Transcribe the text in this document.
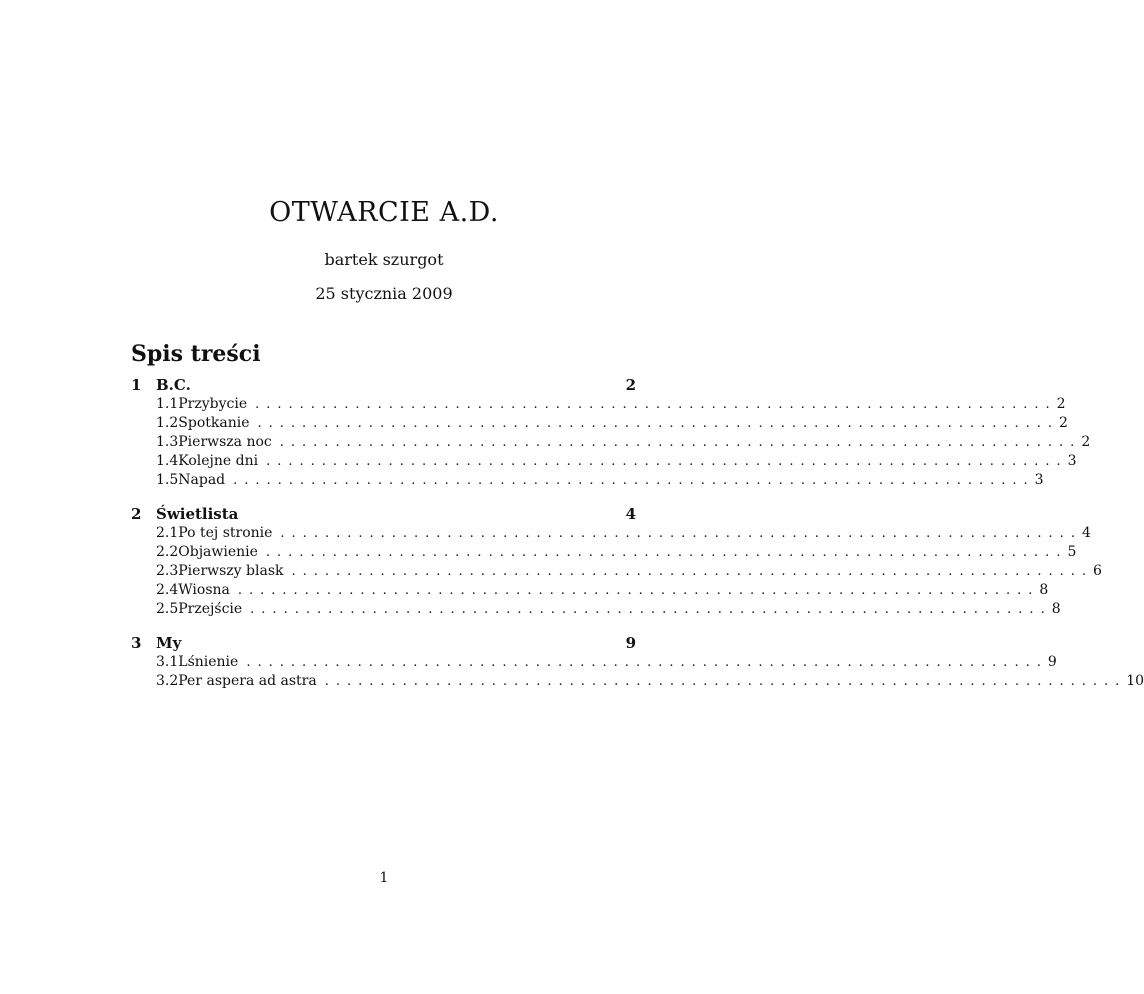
OTWARCIE A.D.
bartek szurgot
25 stycznia 2009
Spis treści
1 B.C.	2
1.1 Przybycie ........................................................................ 2
1.2 Spotkanie ........................................................................ 2
1.3 Pierwsza noc ........................................................................ 2
1.4 Kolejne dni ........................................................................ 3
1.5 Napad ........................................................................ 3
2 Świetlista	4
2.1 Po tej stronie ........................................................................ 4
2.2 Objawienie ........................................................................ 5
2.3 Pierwszy blask ........................................................................ 6
2.4 Wiosna ........................................................................ 8
2.5 Przejście ........................................................................ 8
3 My	9
3.1 Lśnienie ........................................................................ 9
3.2 Per aspera ad astra ........................................................................ 10
1
